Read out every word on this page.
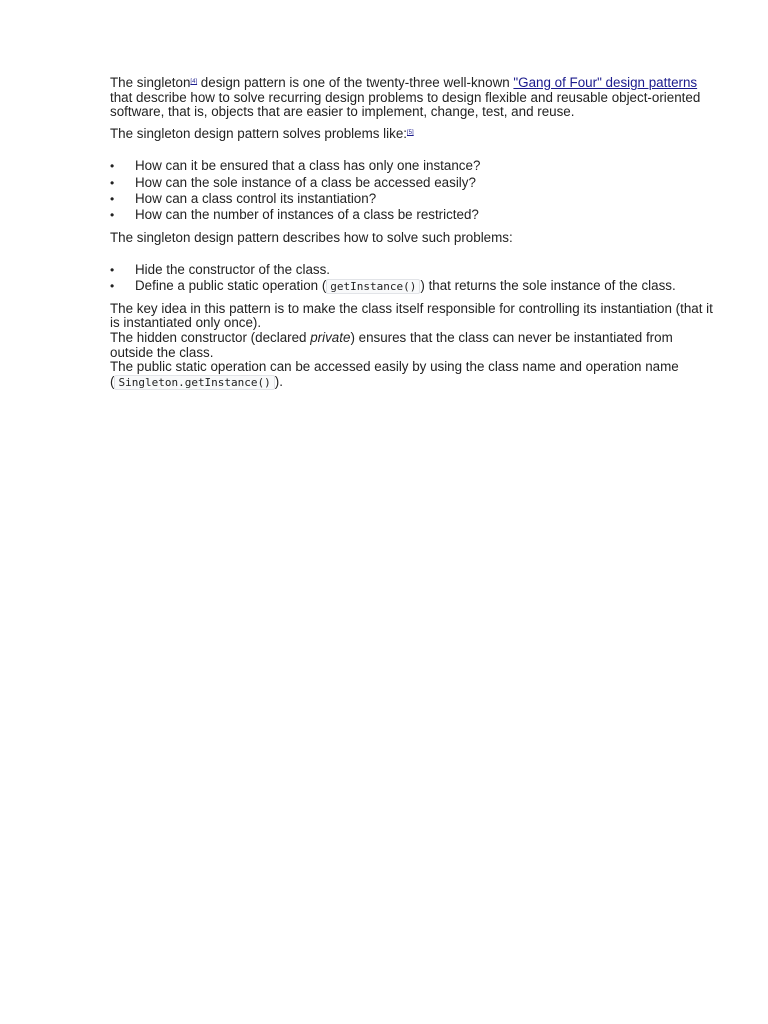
The singleton[4] design pattern is one of the twenty-three well-known "Gang of Four" design patterns that describe how to solve recurring design problems to design flexible and reusable object-oriented software, that is, objects that are easier to implement, change, test, and reuse.

The singleton design pattern solves problems like:[5]

• How can it be ensured that a class has only one instance?
• How can the sole instance of a class be accessed easily?
• How can a class control its instantiation?
• How can the number of instances of a class be restricted?

The singleton design pattern describes how to solve such problems:

• Hide the constructor of the class.
• Define a public static operation ( getInstance() ) that returns the sole instance of the class.

The key idea in this pattern is to make the class itself responsible for controlling its instantiation (that it is instantiated only once).
The hidden constructor (declared private) ensures that the class can never be instantiated from outside the class.
The public static operation can be accessed easily by using the class name and operation name ( Singleton.getInstance() ).
